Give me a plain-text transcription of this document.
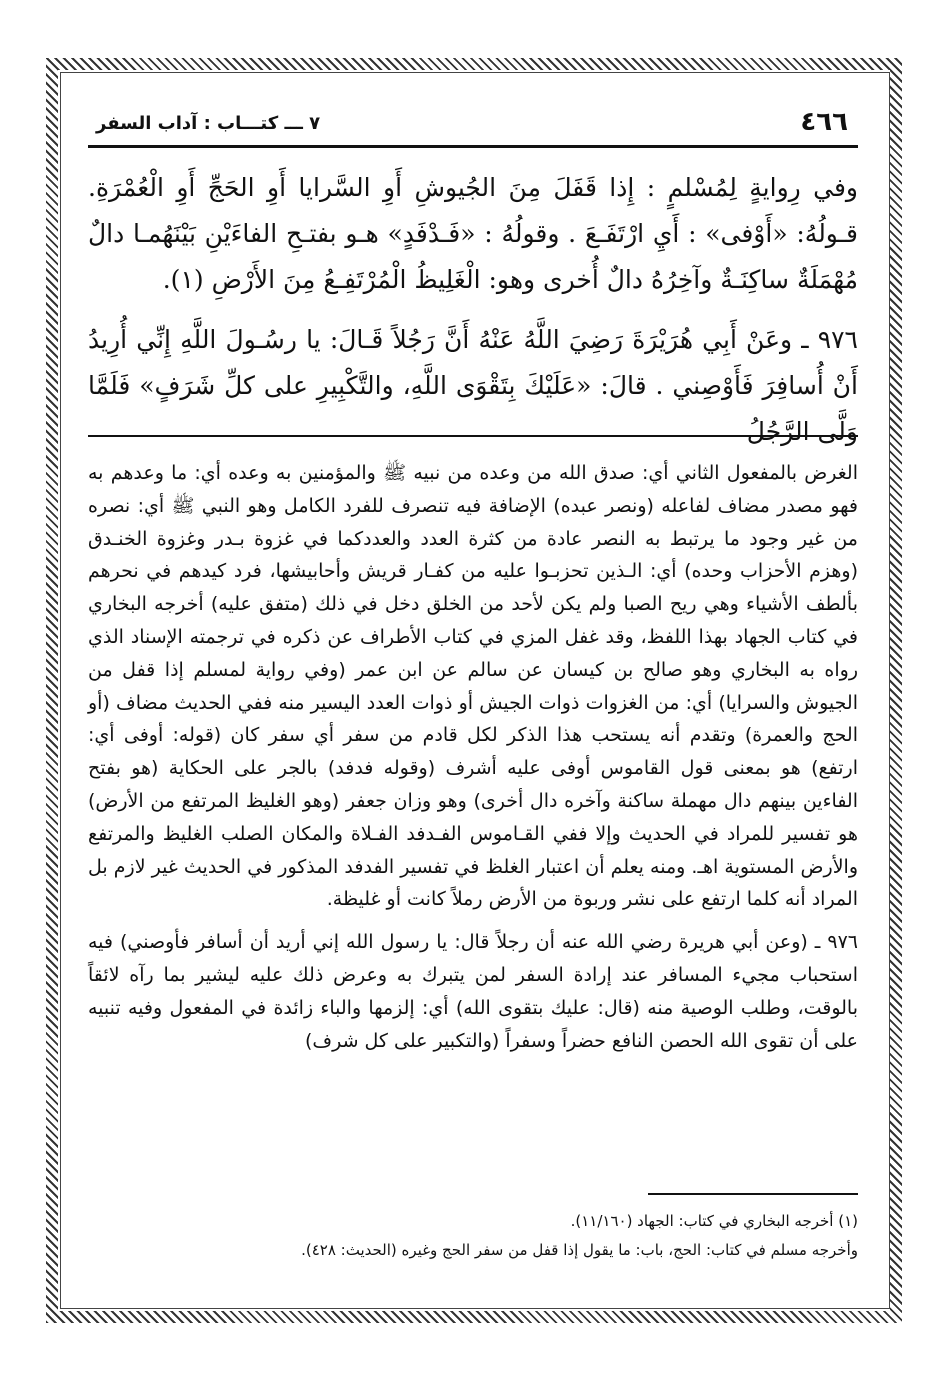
٤٦٦
٧ ـــ كتـــاب : آداب السفر

وفي رِوايةٍ لِمُسْلمٍ : إِذا قَفَلَ مِنَ الجُيوشِ أَوِ السَّرايا أَوِ الحَجِّ أَوِ الْعُمْرَةِ. قـولُهُ: «أَوْفى» : أَيِ ارْتَفَـعَ . وقولُهُ : «فَـدْفَدٍ» هـو بفتـحِ الفاءَيْنِ بَيْنَهُمـا دالٌ مُهْمَلَةٌ ساكِنَـةٌ وآخِرُهُ دالٌ أُخرى وهو: الْغَلِيظُ الْمُرْتَفِـعُ مِنَ الأَرْضِ (١).

٩٧٦ ـ وعَنْ أَبِي هُرَيْرَةَ رَضِيَ اللَّهُ عَنْهُ أَنَّ رَجُلاً قَـالَ: يا رسُـولَ اللَّهِ إِنِّي أُرِيدُ أَنْ أُسافِرَ فَأَوْصِني . قالَ: «عَلَيْكَ بِتَقْوَى اللَّهِ، والتَّكْبِيرِ على كلِّ شَرَفٍ» فَلَمَّا وَلَّى الرَّجُلُ

الغرض بالمفعول الثاني أي: صدق الله من وعده من نبيه ﷺ والمؤمنين به وعده أي: ما وعدهم به فهو مصدر مضاف لفاعله (ونصر عبده) الإضافة فيه تنصرف للفرد الكامل وهو النبي ﷺ أي: نصره من غير وجود ما يرتبط به النصر عادة من كثرة العدد والعددكما في غزوة بـدر وغزوة الخنـدق (وهزم الأحزاب وحده) أي: الـذين تحزبـوا عليه من كفـار قريش وأحابيشها، فرد كيدهم في نحرهم بألطف الأشياء وهي ريح الصبا ولم يكن لأحد من الخلق دخل في ذلك (متفق عليه) أخرجه البخاري في كتاب الجهاد بهذا اللفظ، وقد غفل المزي في كتاب الأطراف عن ذكره في ترجمته الإسناد الذي رواه به البخاري وهو صالح بن كيسان عن سالم عن ابن عمر (وفي رواية لمسلم إذا قفل من الجيوش والسرايا) أي: من الغزوات ذوات الجيش أو ذوات العدد اليسير منه ففي الحديث مضاف (أو الحج والعمرة) وتقدم أنه يستحب هذا الذكر لكل قادم من سفر أي سفر كان (قوله: أوفى أي: ارتفع) هو بمعنى قول القاموس أوفى عليه أشرف (وقوله فدفد) بالجر على الحكاية (هو بفتح الفاءين بينهم دال مهملة ساكنة وآخره دال أخرى) وهو وزان جعفر (وهو الغليظ المرتفع من الأرض) هو تفسير للمراد في الحديث وإلا ففي القـاموس الفـدفد الفـلاة والمكان الصلب الغليظ والمرتفع والأرض المستوية اهـ. ومنه يعلم أن اعتبار الغلظ في تفسير الفدفد المذكور في الحديث غير لازم بل المراد أنه كلما ارتفع على نشر وربوة من الأرض رملاً كانت أو غليظة.

٩٧٦ ـ (وعن أبي هريرة رضي الله عنه أن رجلاً قال: يا رسول الله إني أريد أن أسافر فأوصني) فيه استحباب مجيء المسافر عند إرادة السفر لمن يتبرك به وعرض ذلك عليه ليشير بما رآه لائقاً بالوقت، وطلب الوصية منه (قال: عليك بتقوى الله) أي: إلزمها والباء زائدة في المفعول وفيه تنبيه على أن تقوى الله الحصن النافع حضراً وسفراً (والتكبير على كل شرف)

(١) أخرجه البخاري في كتاب: الجهاد (١١/١٦٠).

وأخرجه مسلم في كتاب: الحج، باب: ما يقول إذا قفل من سفر الحج وغيره (الحديث: ٤٢٨).
